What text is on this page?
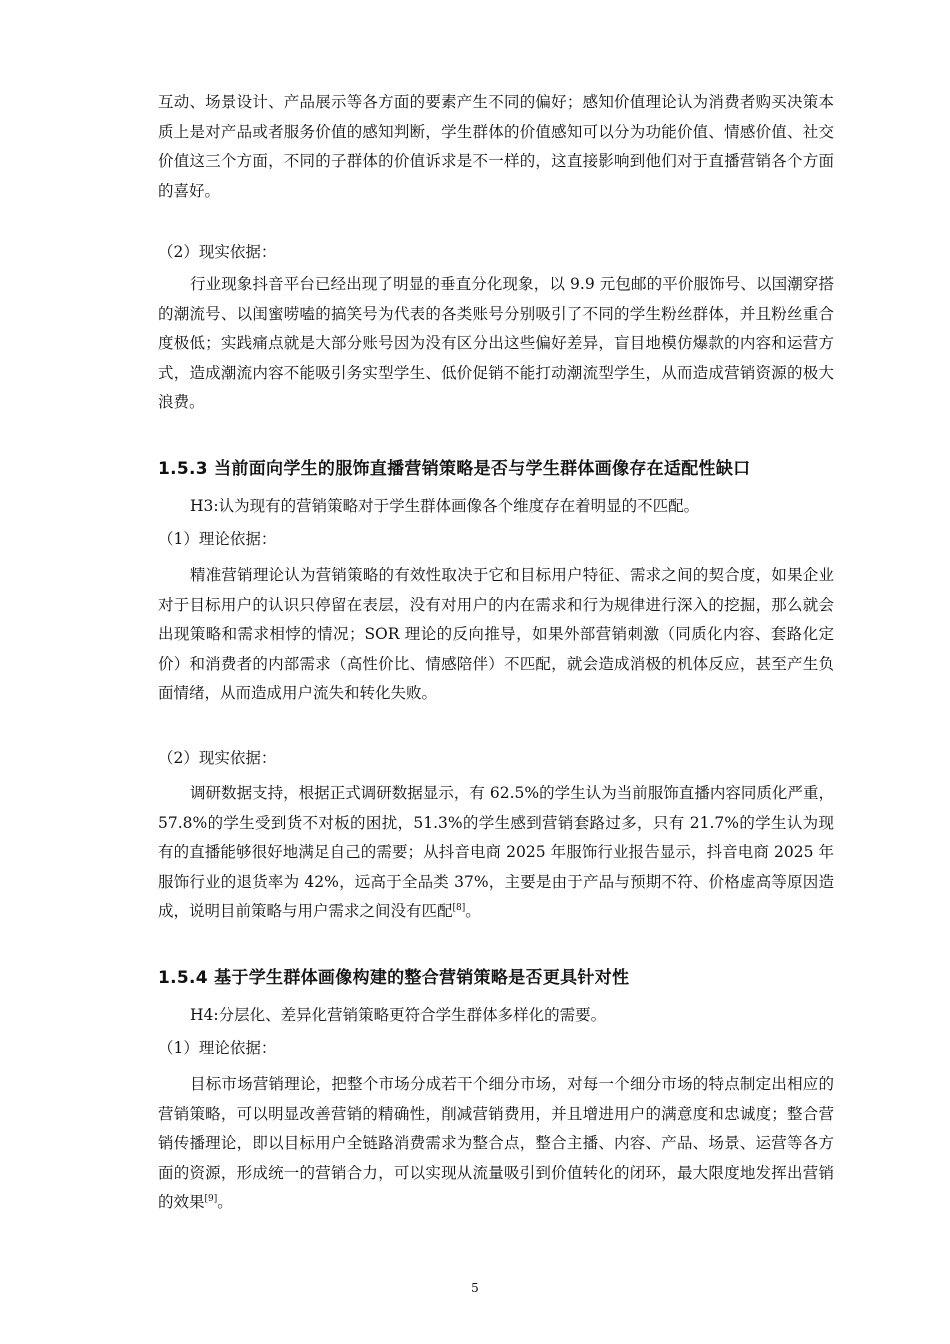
互动、场景设计、产品展示等各方面的要素产生不同的偏好；感知价值理论认为消费者购买决策本质上是对产品或者服务价值的感知判断，学生群体的价值感知可以分为功能价值、情感价值、社交价值这三个方面，不同的子群体的价值诉求是不一样的，这直接影响到他们对于直播营销各个方面的喜好。

（2）现实依据：

行业现象抖音平台已经出现了明显的垂直分化现象，以 9.9 元包邮的平价服饰号、以国潮穿搭的潮流号、以闺蜜唠嗑的搞笑号为代表的各类账号分别吸引了不同的学生粉丝群体，并且粉丝重合度极低；实践痛点就是大部分账号因为没有区分出这些偏好差异，盲目地模仿爆款的内容和运营方式，造成潮流内容不能吸引务实型学生、低价促销不能打动潮流型学生，从而造成营销资源的极大浪费。

1.5.3 当前面向学生的服饰直播营销策略是否与学生群体画像存在适配性缺口

H3:认为现有的营销策略对于学生群体画像各个维度存在着明显的不匹配。

（1）理论依据：

精准营销理论认为营销策略的有效性取决于它和目标用户特征、需求之间的契合度，如果企业对于目标用户的认识只停留在表层，没有对用户的内在需求和行为规律进行深入的挖掘，那么就会出现策略和需求相悖的情况；SOR 理论的反向推导，如果外部营销刺激（同质化内容、套路化定价）和消费者的内部需求（高性价比、情感陪伴）不匹配，就会造成消极的机体反应，甚至产生负面情绪，从而造成用户流失和转化失败。

（2）现实依据：

调研数据支持，根据正式调研数据显示，有 62.5%的学生认为当前服饰直播内容同质化严重，57.8%的学生受到货不对板的困扰，51.3%的学生感到营销套路过多，只有 21.7%的学生认为现有的直播能够很好地满足自己的需要；从抖音电商 2025 年服饰行业报告显示，抖音电商 2025 年服饰行业的退货率为 42%，远高于全品类 37%，主要是由于产品与预期不符、价格虚高等原因造成，说明目前策略与用户需求之间没有匹配[8]。

1.5.4 基于学生群体画像构建的整合营销策略是否更具针对性

H4:分层化、差异化营销策略更符合学生群体多样化的需要。

（1）理论依据：

目标市场营销理论，把整个市场分成若干个细分市场，对每一个细分市场的特点制定出相应的营销策略，可以明显改善营销的精确性，削减营销费用，并且增进用户的满意度和忠诚度；整合营销传播理论，即以目标用户全链路消费需求为整合点，整合主播、内容、产品、场景、运营等各方面的资源，形成统一的营销合力，可以实现从流量吸引到价值转化的闭环，最大限度地发挥出营销的效果[9]。

5
